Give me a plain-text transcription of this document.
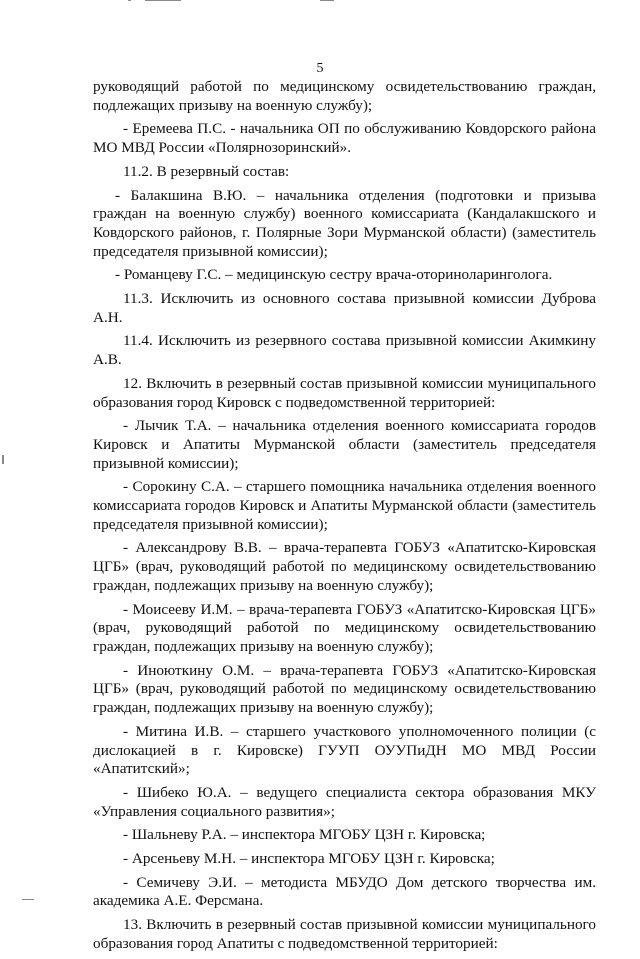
5

руководящий работой по медицинскому освидетельствованию граждан, подлежащих призыву на военную службу);

- Еремеева П.С. - начальника ОП по обслуживанию Ковдорского района МО МВД России «Полярнозоринский».

11.2. В резервный состав:

- Балакшина В.Ю. – начальника отделения (подготовки и призыва граждан на военную службу) военного комиссариата (Кандалакшского и Ковдорского районов, г. Полярные Зори Мурманской области) (заместитель председателя призывной комиссии);

- Романцеву Г.С. – медицинскую сестру врача-оториноларинголога.

11.3. Исключить из основного состава призывной комиссии Дуброва А.Н.

11.4. Исключить из резервного состава призывной комиссии Акимкину А.В.

12. Включить в резервный состав призывной комиссии муниципального образования город Кировск с подведомственной территорией:

- Лычик Т.А. – начальника отделения военного комиссариата городов Кировск и Апатиты Мурманской области (заместитель председателя призывной комиссии);

- Сорокину С.А. – старшего помощника начальника отделения военного комиссариата городов Кировск и Апатиты Мурманской области (заместитель председателя призывной комиссии);

- Александрову В.В. – врача-терапевта ГОБУЗ «Апатитско-Кировская ЦГБ» (врач, руководящий работой по медицинскому освидетельствованию граждан, подлежащих призыву на военную службу);

- Моисееву И.М. – врача-терапевта ГОБУЗ «Апатитско-Кировская ЦГБ» (врач, руководящий работой по медицинскому освидетельствованию граждан, подлежащих призыву на военную службу);

- Иноюткину О.М. – врача-терапевта ГОБУЗ «Апатитско-Кировская ЦГБ» (врач, руководящий работой по медицинскому освидетельствованию граждан, подлежащих призыву на военную службу);

- Митина И.В. – старшего участкового уполномоченного полиции (с дислокацией в г. Кировске) ГУУП ОУУПиДН МО МВД России «Апатитский»;

- Шибеко Ю.А. – ведущего специалиста сектора образования МКУ «Управления социального развития»;

- Шальневу Р.А. – инспектора МГОБУ ЦЗН г. Кировска;

- Арсеньеву М.Н. – инспектора МГОБУ ЦЗН г. Кировска;

- Семичеву Э.И. – методиста МБУДО Дом детского творчества им. академика А.Е. Ферсмана.

13. Включить в резервный состав призывной комиссии муниципального образования город Апатиты с подведомственной территорией:
